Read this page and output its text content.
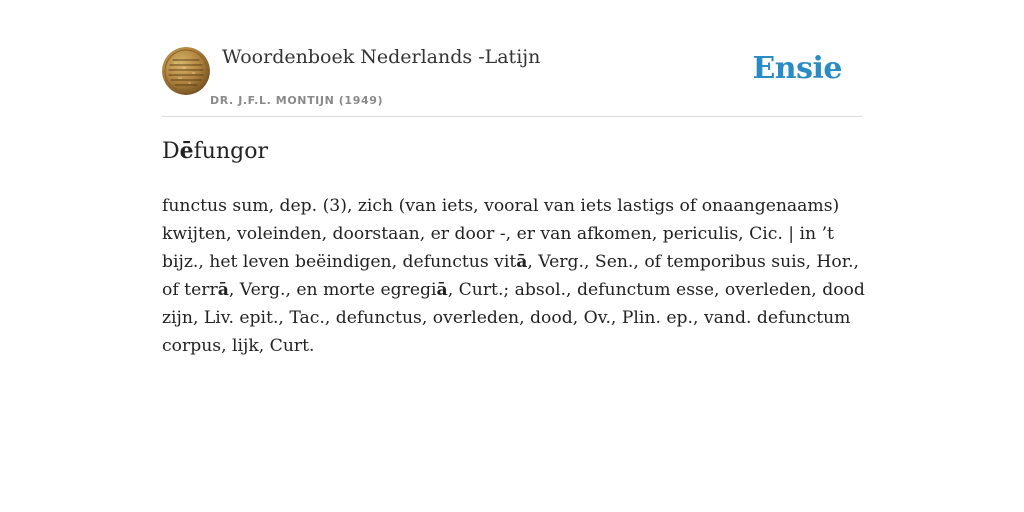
Woordenboek Nederlands -Latijn
DR. J.F.L. MONTIJN (1949)
Ensie
Dēfungor

functus sum, dep. (3), zich (van iets, vooral van iets lastigs of onaangenaams) kwijten, voleinden, doorstaan, er door -, er van afkomen, periculis, Cic. | in ’t bijz., het leven beëindigen, defunctus vitā, Verg., Sen., of temporibus suis, Hor., of terrā, Verg., en morte egregiā, Curt.; absol., defunctum esse, overleden, dood zijn, Liv. epit., Tac., defunctus, overleden, dood, Ov., Plin. ep., vand. defunctum corpus, lijk, Curt.
